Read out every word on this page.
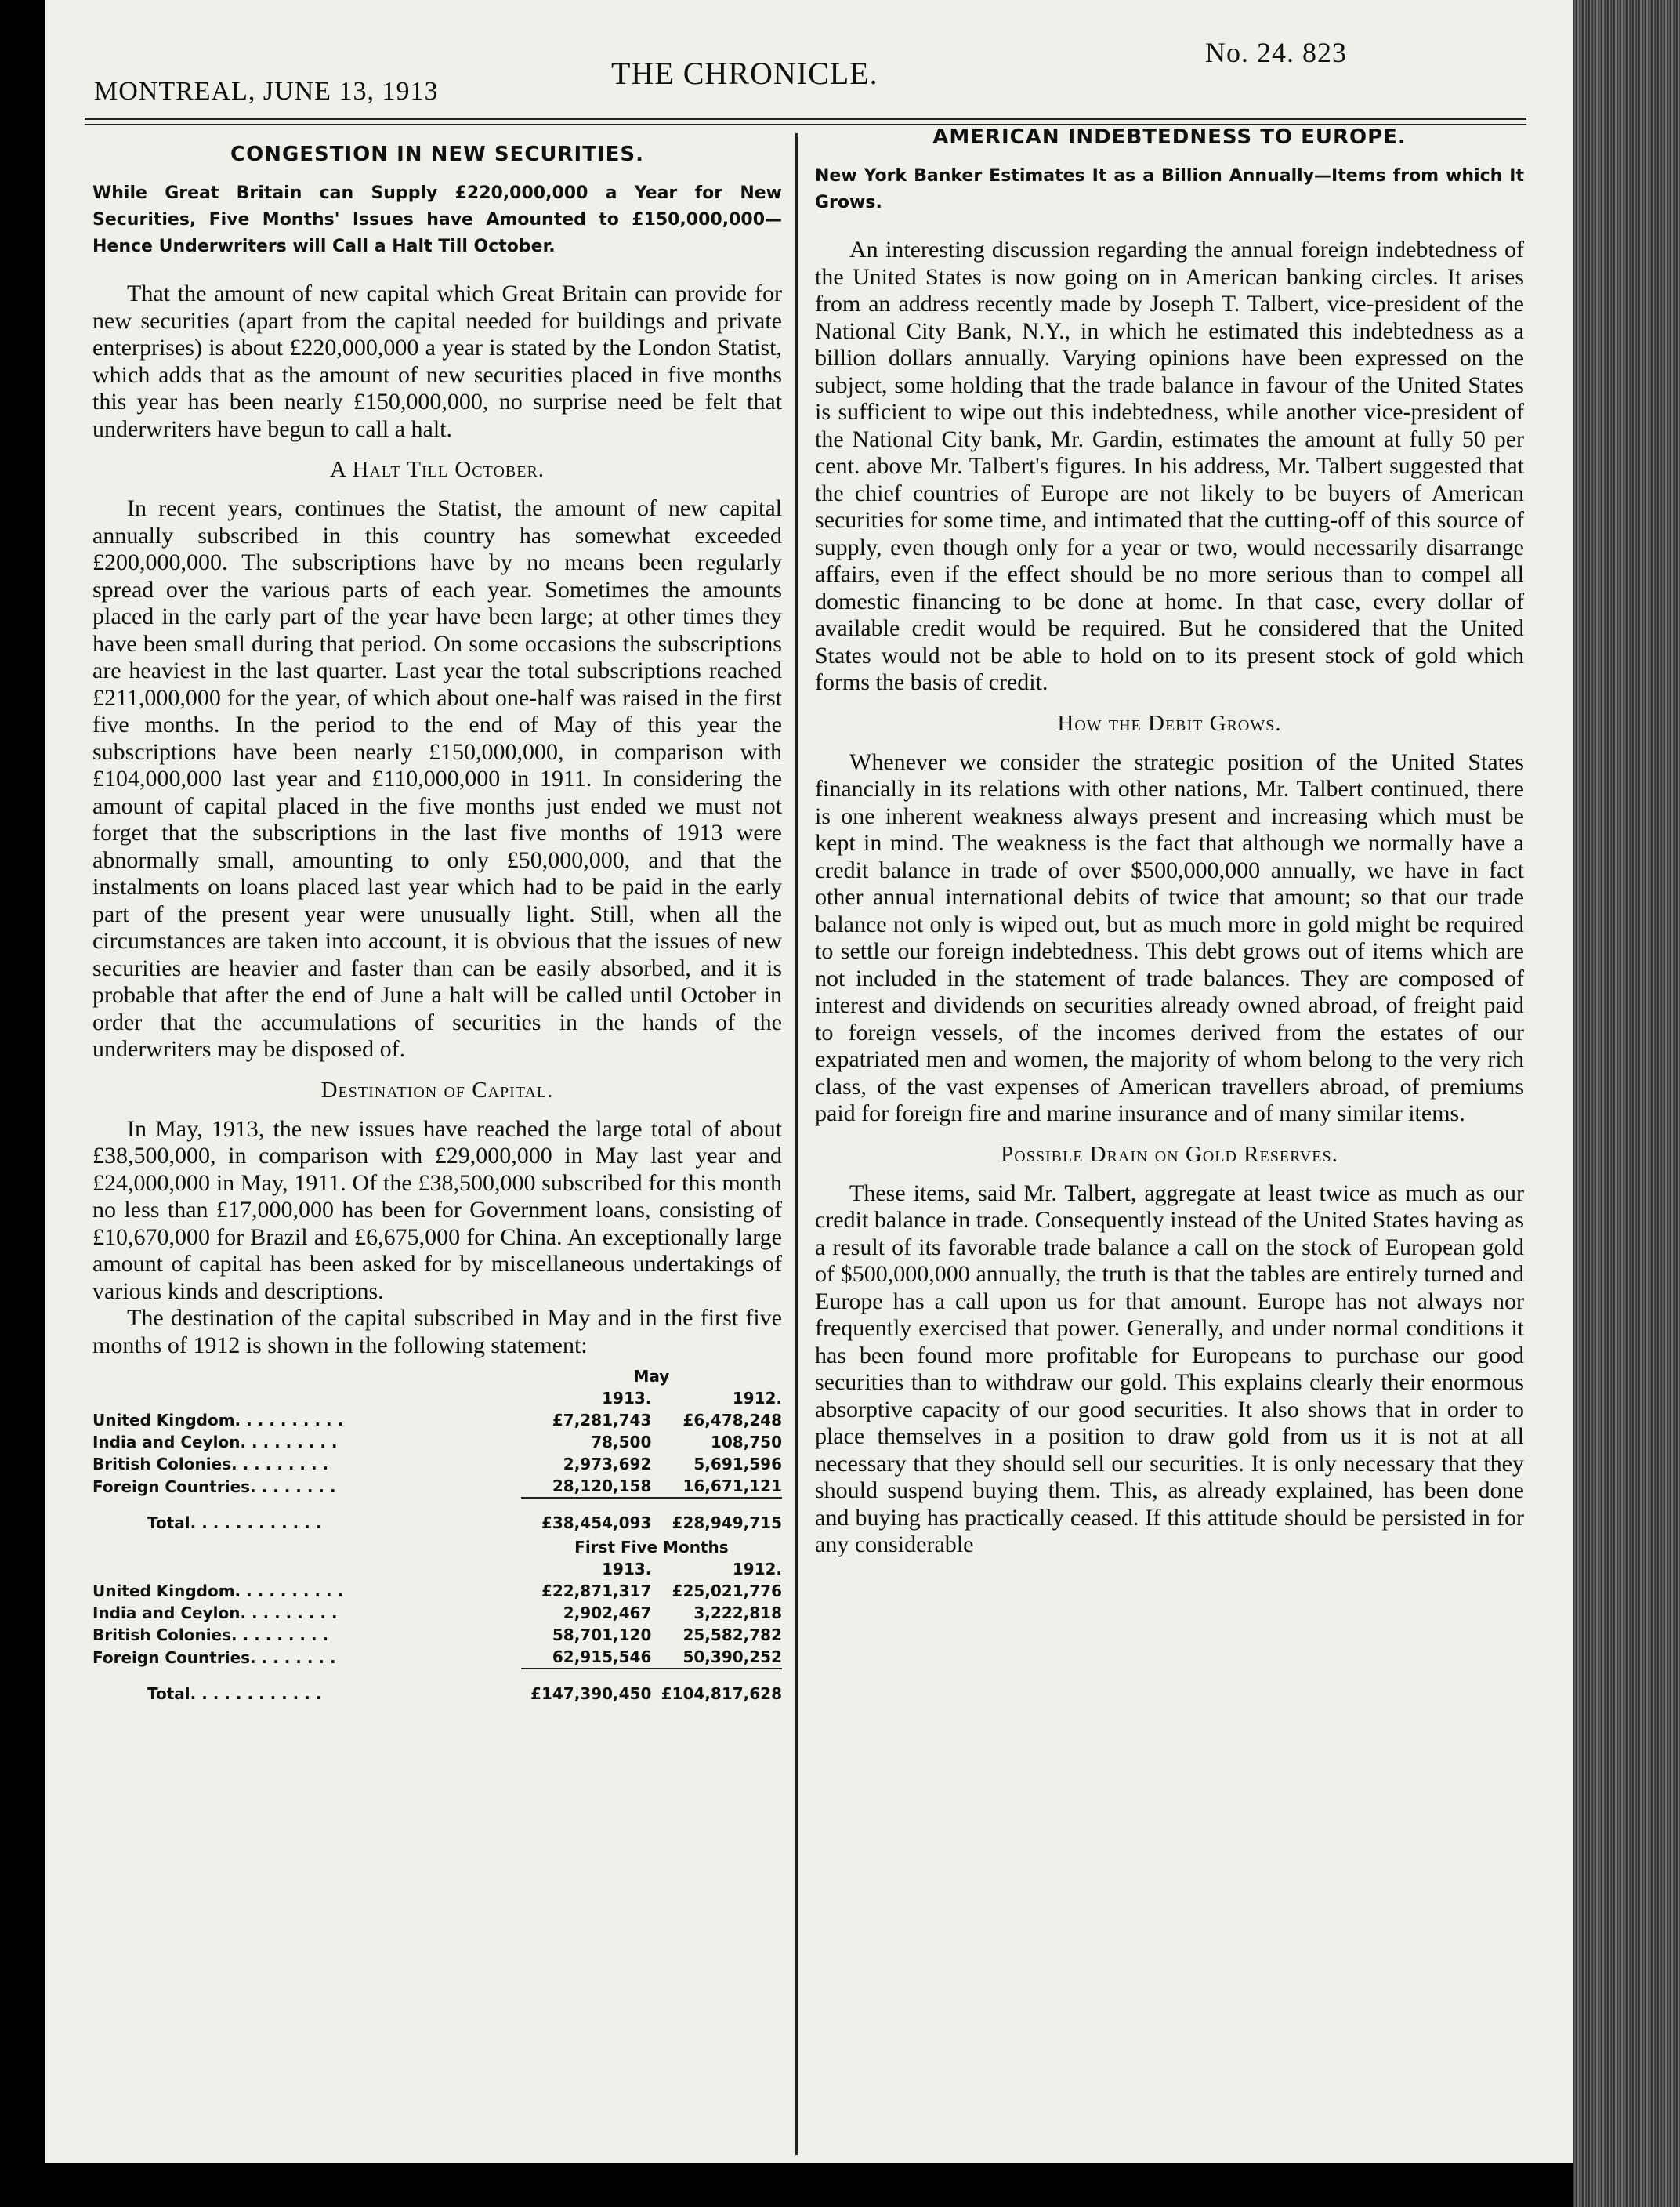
MONTREAL, JUNE 13, 1913
THE CHRONICLE.
No. 24. 823
CONGESTION IN NEW SECURITIES.
While Great Britain can Supply £220,000,000 a Year for New Securities, Five Months' Issues have Amounted to £150,000,000—Hence Underwriters will Call a Halt Till October.

That the amount of new capital which Great Britain can provide for new securities (apart from the capital needed for buildings and private enterprises) is about £220,000,000 a year is stated by the London Statist, which adds that as the amount of new securities placed in five months this year has been nearly £150,000,000, no surprise need be felt that underwriters have begun to call a halt.

A Halt Till October.

In recent years, continues the Statist, the amount of new capital annually subscribed in this country has somewhat exceeded £200,000,000. The subscriptions have by no means been regularly spread over the various parts of each year. Sometimes the amounts placed in the early part of the year have been large; at other times they have been small during that period. On some occasions the subscriptions are heaviest in the last quarter. Last year the total subscriptions reached £211,000,000 for the year, of which about one-half was raised in the first five months. In the period to the end of May of this year the subscriptions have been nearly £150,000,000, in comparison with £104,000,000 last year and £110,000,000 in 1911. In considering the amount of capital placed in the five months just ended we must not forget that the subscriptions in the last five months of 1913 were abnormally small, amounting to only £50,000,000, and that the instalments on loans placed last year which had to be paid in the early part of the present year were unusually light. Still, when all the circumstances are taken into account, it is obvious that the issues of new securities are heavier and faster than can be easily absorbed, and it is probable that after the end of June a halt will be called until October in order that the accumulations of securities in the hands of the underwriters may be disposed of.

Destination of Capital.

In May, 1913, the new issues have reached the large total of about £38,500,000, in comparison with £29,000,000 in May last year and £24,000,000 in May, 1911. Of the £38,500,000 subscribed for this month no less than £17,000,000 has been for Government loans, consisting of £10,670,000 for Brazil and £6,675,000 for China. An exceptionally large amount of capital has been asked for by miscellaneous undertakings of various kinds and descriptions.

The destination of the capital subscribed in May and in the first five months of 1912 is shown in the following statement:

	May	
	1913.	1912.
United Kingdom. . . . . . . . . .	£7,281,743	£6,478,248
India and Ceylon. . . . . . . . .	78,500	108,750
British Colonies. . . . . . . . .	2,973,692	5,691,596
Foreign Countries. . . . . . . .	28,120,158	16,671,121
Total. . . . . . . . . . . .	£38,454,093	£28,949,715
	First Five Months	
	1913.	1912.
United Kingdom. . . . . . . . . .	£22,871,317	£25,021,776
India and Ceylon. . . . . . . . .	2,902,467	3,222,818
British Colonies. . . . . . . . .	58,701,120	25,582,782
Foreign Countries. . . . . . . .	62,915,546	50,390,252
Total. . . . . . . . . . . .	£147,390,450	£104,817,628
AMERICAN INDEBTEDNESS TO EUROPE.
New York Banker Estimates It as a Billion Annually—Items from which It Grows.

An interesting discussion regarding the annual foreign indebtedness of the United States is now going on in American banking circles. It arises from an address recently made by Joseph T. Talbert, vice-president of the National City Bank, N.Y., in which he estimated this indebtedness as a billion dollars annually. Varying opinions have been expressed on the subject, some holding that the trade balance in favour of the United States is sufficient to wipe out this indebtedness, while another vice-president of the National City bank, Mr. Gardin, estimates the amount at fully 50 per cent. above Mr. Talbert's figures. In his address, Mr. Talbert suggested that the chief countries of Europe are not likely to be buyers of American securities for some time, and intimated that the cutting-off of this source of supply, even though only for a year or two, would necessarily disarrange affairs, even if the effect should be no more serious than to compel all domestic financing to be done at home. In that case, every dollar of available credit would be required. But he considered that the United States would not be able to hold on to its present stock of gold which forms the basis of credit.

How the Debit Grows.

Whenever we consider the strategic position of the United States financially in its relations with other nations, Mr. Talbert continued, there is one inherent weakness always present and increasing which must be kept in mind. The weakness is the fact that although we normally have a credit balance in trade of over $500,000,000 annually, we have in fact other annual international debits of twice that amount; so that our trade balance not only is wiped out, but as much more in gold might be required to settle our foreign indebtedness. This debt grows out of items which are not included in the statement of trade balances. They are composed of interest and dividends on securities already owned abroad, of freight paid to foreign vessels, of the incomes derived from the estates of our expatriated men and women, the majority of whom belong to the very rich class, of the vast expenses of American travellers abroad, of premiums paid for foreign fire and marine insurance and of many similar items.

Possible Drain on Gold Reserves.

These items, said Mr. Talbert, aggregate at least twice as much as our credit balance in trade. Consequently instead of the United States having as a result of its favorable trade balance a call on the stock of European gold of $500,000,000 annually, the truth is that the tables are entirely turned and Europe has a call upon us for that amount. Europe has not always nor frequently exercised that power. Generally, and under normal conditions it has been found more profitable for Europeans to purchase our good securities than to withdraw our gold. This explains clearly their enormous absorptive capacity of our good securities. It also shows that in order to place themselves in a position to draw gold from us it is not at all necessary that they should sell our securities. It is only necessary that they should suspend buying them. This, as already explained, has been done and buying has practically ceased. If this attitude should be persisted in for any considerable
